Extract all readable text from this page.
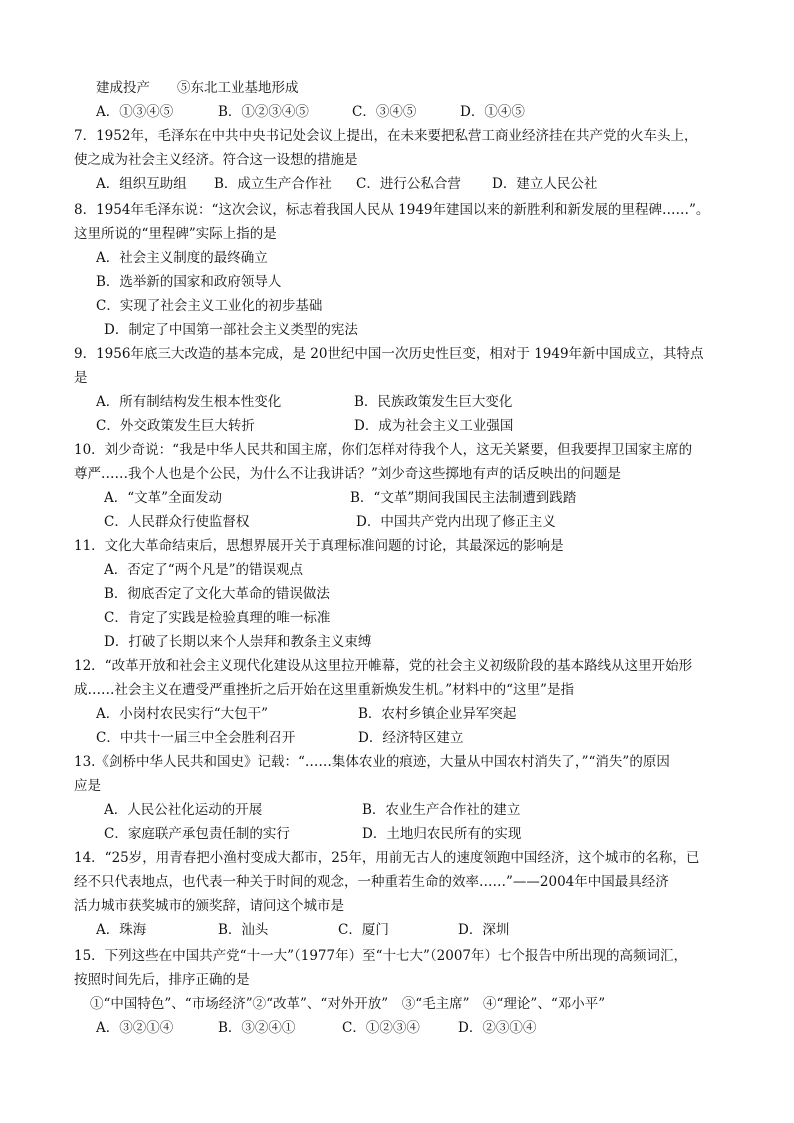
建成投产　　⑤东北工业基地形成
A．①③④⑤	B．①②③④⑤	C．③④⑤	D．①④⑤
7．1952年，毛泽东在中共中央书记处会议上提出，在未来要把私营工商业经济挂在共产党的火车头上，
使之成为社会主义经济。符合这一设想的措施是
A．组织互助组 B．成立生产合作社 C．进行公私合营 D．建立人民公社
8．1954年毛泽东说：“这次会议，标志着我国人民从 1949年建国以来的新胜利和新发展的里程碑……”。
这里所说的“里程碑”实际上指的是
A．社会主义制度的最终确立
B．选举新的国家和政府领导人
C．实现了社会主义工业化的初步基础
D．制定了中国第一部社会主义类型的宪法
9．1956年底三大改造的基本完成，是 20世纪中国一次历史性巨变，相对于 1949年新中国成立，其特点
是
A．所有制结构发生根本性变化	B．民族政策发生巨大变化
C．外交政策发生巨大转折	D．成为社会主义工业强国
10．刘少奇说：“我是中华人民共和国主席，你们怎样对待我个人，这无关紧要，但我要捍卫国家主席的
尊严……我个人也是个公民，为什么不让我讲话？”刘少奇这些掷地有声的话反映出的问题是
A．“文革”全面发动	B．“文革”期间我国民主法制遭到践踏
C．人民群众行使监督权	D．中国共产党内出现了修正主义
11．文化大革命结束后，思想界展开关于真理标准问题的讨论，其最深远的影响是
A．否定了“两个凡是”的错误观点
B．彻底否定了文化大革命的错误做法
C．肯定了实践是检验真理的唯一标准
D．打破了长期以来个人崇拜和教条主义束缚
12．“改革开放和社会主义现代化建设从这里拉开帷幕，党的社会主义初级阶段的基本路线从这里开始形
成……社会主义在遭受严重挫折之后开始在这里重新焕发生机。”材料中的“这里”是指
A．小岗村农民实行“大包干”	B．农村乡镇企业异军突起
C．中共十一届三中全会胜利召开	D．经济特区建立
13.《剑桥中华人民共和国史》记载：“……集体农业的痕迹，大量从中国农村消失了，”“消失”的原因
应是
A．人民公社化运动的开展	B．农业生产合作社的建立
C．家庭联产承包责任制的实行	D．土地归农民所有的实现
14．“25岁，用青春把小渔村变成大都市，25年，用前无古人的速度领跑中国经济，这个城市的名称，已
经不只代表地点，也代表一种关于时间的观念，一种重若生命的效率……”——2004年中国最具经济
活力城市获奖城市的颁奖辞，请问这个城市是
A．珠海	B．汕头	C．厦门	D．深圳
15．下列这些在中国共产党“十一大”（1977年）至“十七大”（2007年）七个报告中所出现的高频词汇，
按照时间先后，排序正确的是
①“中国特色”、“市场经济”②“改革”、“对外开放”　③“毛主席”　④“理论”、“邓小平”
A．③②①④	B．③②④①	C．①②③④	D．②③①④
